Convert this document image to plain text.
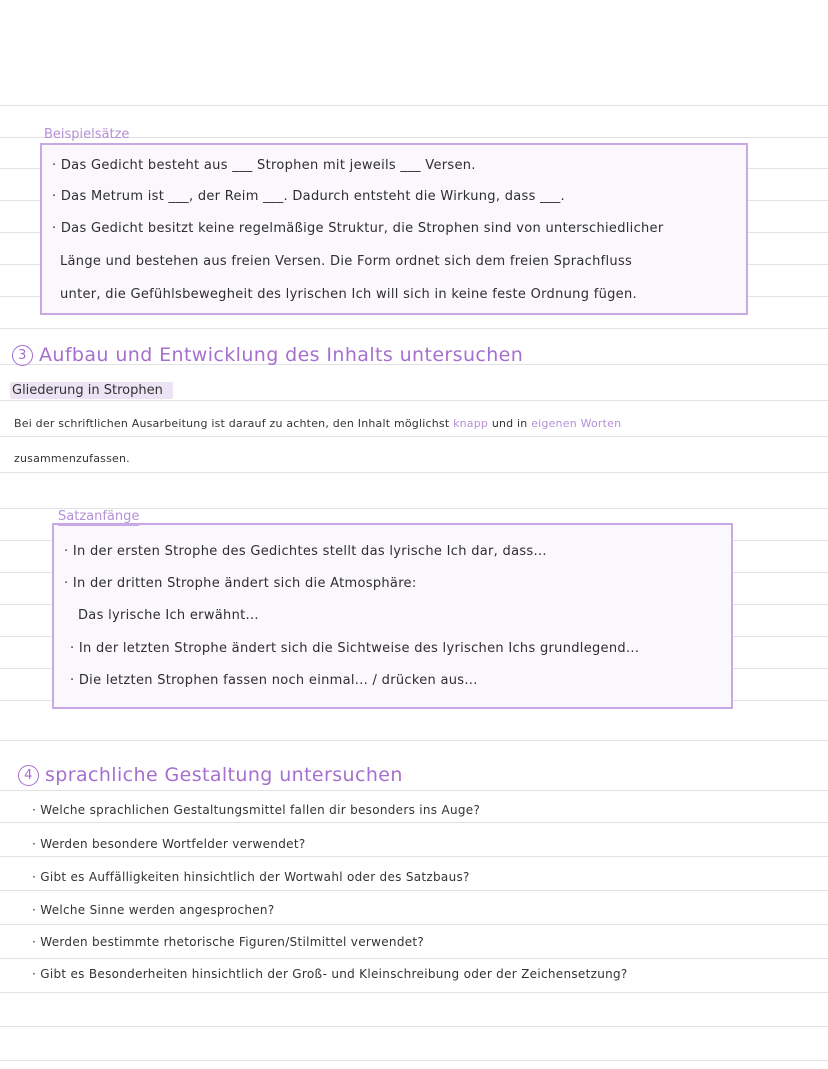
Beispielsätze
· Das Gedicht besteht aus ___ Strophen mit jeweils ___ Versen.
· Das Metrum ist ___, der Reim ___. Dadurch entsteht die Wirkung, dass ___.
· Das Gedicht besitzt keine regelmäßige Struktur, die Strophen sind von unterschiedlicher
Länge und bestehen aus freien Versen. Die Form ordnet sich dem freien Sprachfluss
unter, die Gefühlsbewegheit des lyrischen Ich will sich in keine feste Ordnung fügen.
3 Aufbau und Entwicklung des Inhalts untersuchen
Gliederung in Strophen
Bei der schriftlichen Ausarbeitung ist darauf zu achten, den Inhalt möglichst knapp und in eigenen Worten
zusammenzufassen.
Satzanfänge
· In der ersten Strophe des Gedichtes stellt das lyrische Ich dar, dass...
· In der dritten Strophe ändert sich die Atmosphäre:
Das lyrische Ich erwähnt...
· In der letzten Strophe ändert sich die Sichtweise des lyrischen Ichs grundlegend...
· Die letzten Strophen fassen noch einmal... / drücken aus...
4 sprachliche Gestaltung untersuchen
· Welche sprachlichen Gestaltungsmittel fallen dir besonders ins Auge?
· Werden besondere Wortfelder verwendet?
· Gibt es Auffälligkeiten hinsichtlich der Wortwahl oder des Satzbaus?
· Welche Sinne werden angesprochen?
· Werden bestimmte rhetorische Figuren/Stilmittel verwendet?
· Gibt es Besonderheiten hinsichtlich der Groß- und Kleinschreibung oder der Zeichensetzung?
